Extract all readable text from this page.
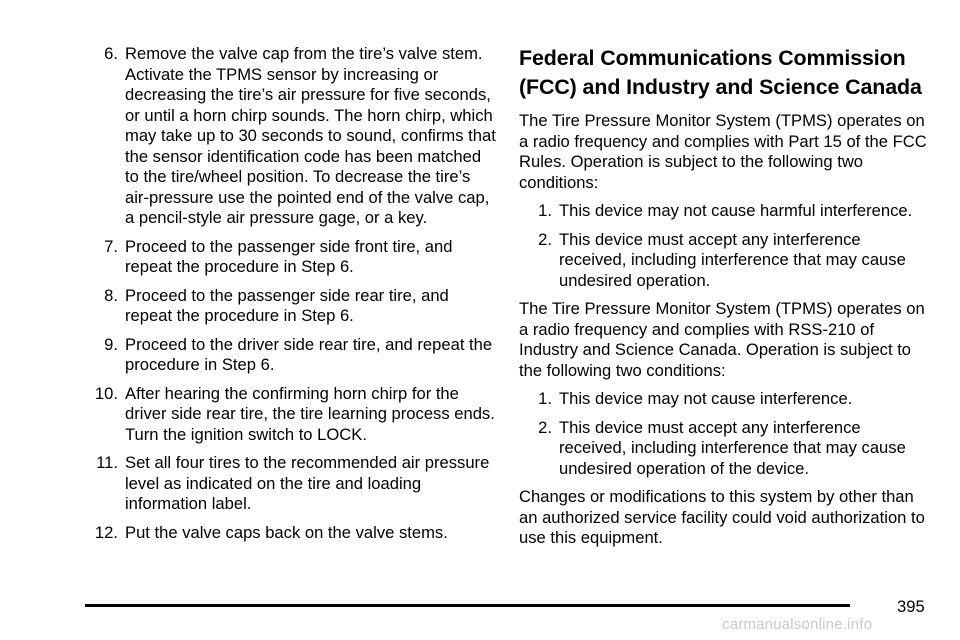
6. Remove the valve cap from the tire’s valve stem. Activate the TPMS sensor by increasing or decreasing the tire’s air pressure for five seconds, or until a horn chirp sounds. The horn chirp, which may take up to 30 seconds to sound, confirms that the sensor identification code has been matched to the tire/wheel position. To decrease the tire’s air-pressure use the pointed end of the valve cap, a pencil-style air pressure gage, or a key.
7. Proceed to the passenger side front tire, and repeat the procedure in Step 6.
8. Proceed to the passenger side rear tire, and repeat the procedure in Step 6.
9. Proceed to the driver side rear tire, and repeat the procedure in Step 6.
10. After hearing the confirming horn chirp for the driver side rear tire, the tire learning process ends. Turn the ignition switch to LOCK.
11. Set all four tires to the recommended air pressure level as indicated on the tire and loading information label.
12. Put the valve caps back on the valve stems.
Federal Communications Commission (FCC) and Industry and Science Canada

The Tire Pressure Monitor System (TPMS) operates on a radio frequency and complies with Part 15 of the FCC Rules. Operation is subject to the following two conditions:

1. This device may not cause harmful interference.
2. This device must accept any interference received, including interference that may cause undesired operation.

The Tire Pressure Monitor System (TPMS) operates on a radio frequency and complies with RSS-210 of Industry and Science Canada. Operation is subject to the following two conditions:

1. This device may not cause interference.
2. This device must accept any interference received, including interference that may cause undesired operation of the device.

Changes or modifications to this system by other than an authorized service facility could void authorization to use this equipment.

395
carmanualsonline.info
